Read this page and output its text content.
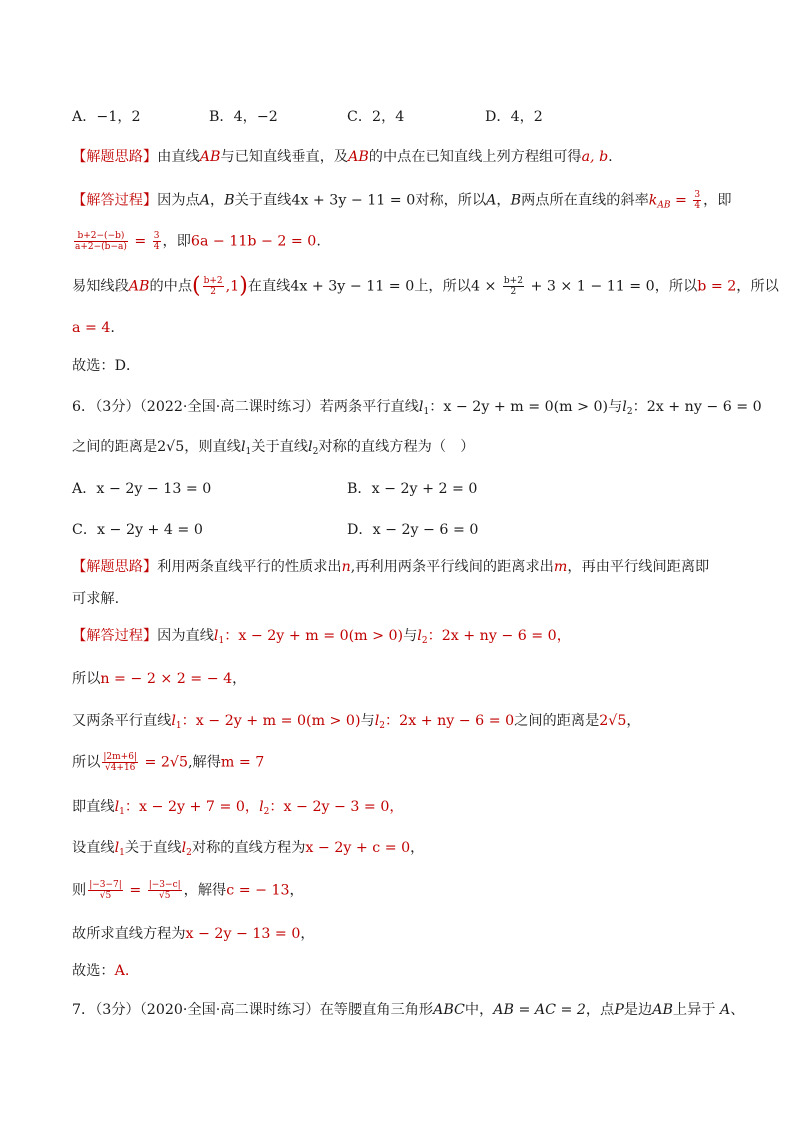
A．−1，2	B．4，−2	C．2，4	D．4，2
【解题思路】由直线AB与已知直线垂直，及AB的中点在已知直线上列方程组可得a, b.
【解答过程】因为点A，B关于直线4x + 3y − 11 = 0对称，所以A，B两点所在直线的斜率$k_{AB} = \frac{3}{4}$ ，即
$\frac{b+2-(-b)}{a+2-(b-a)} = \frac{3}{4}$ ，即6a − 11b − 2 = 0.
易知线段AB的中点( $\frac{b+2}{2} ,1$)在直线4x + 3y − 11 = 0上，所以$4 \times \frac{b+2}{2} + 3 \times 1 - 11 = 0$，所以b = 2，所以
a = 4.
故选：D．
6．（3分）（2022·全国·高二课时练习）若两条平行直线$l_1$：x − 2y + m = 0(m > 0)与$l_2$：2x + ny − 6 = 0
之间的距离是2√5，则直线$l_1$关于直线$l_2$对称的直线方程为（　）
A．x − 2y − 13 = 0	B．x − 2y + 2 = 0
C．x − 2y + 4 = 0	D．x − 2y − 6 = 0
【解题思路】利用两条直线平行的性质求出n,再利用两条平行线间的距离求出m，再由平行线间距离即
可求解.
【解答过程】因为直线$l_1$：x − 2y + m = 0(m > 0)与$l_2$：2x + ny − 6 = 0，
所以n = − 2 × 2 = − 4，
又两条平行直线$l_1$：x − 2y + m = 0(m > 0)与$l_2$：2x + ny − 6 = 0之间的距离是2√5，
所以 $\frac{|2m+6|}{√4+16} = 2√5$,解得m = 7
即直线$l_1$：x − 2y + 7 = 0，$l_2$：x − 2y − 3 = 0，
设直线$l_1$关于直线$l_2$对称的直线方程为x − 2y + c = 0，
则 $\frac{|-3-7|}{√5} = \frac{|-3-c|}{√5}$ ，解得c = − 13，
故所求直线方程为x − 2y − 13 = 0，
故选：A.
7．（3分）（2020·全国·高二课时练习）在等腰直角三角形ABC中，AB = AC = 2，点P是边AB上异于 A、
